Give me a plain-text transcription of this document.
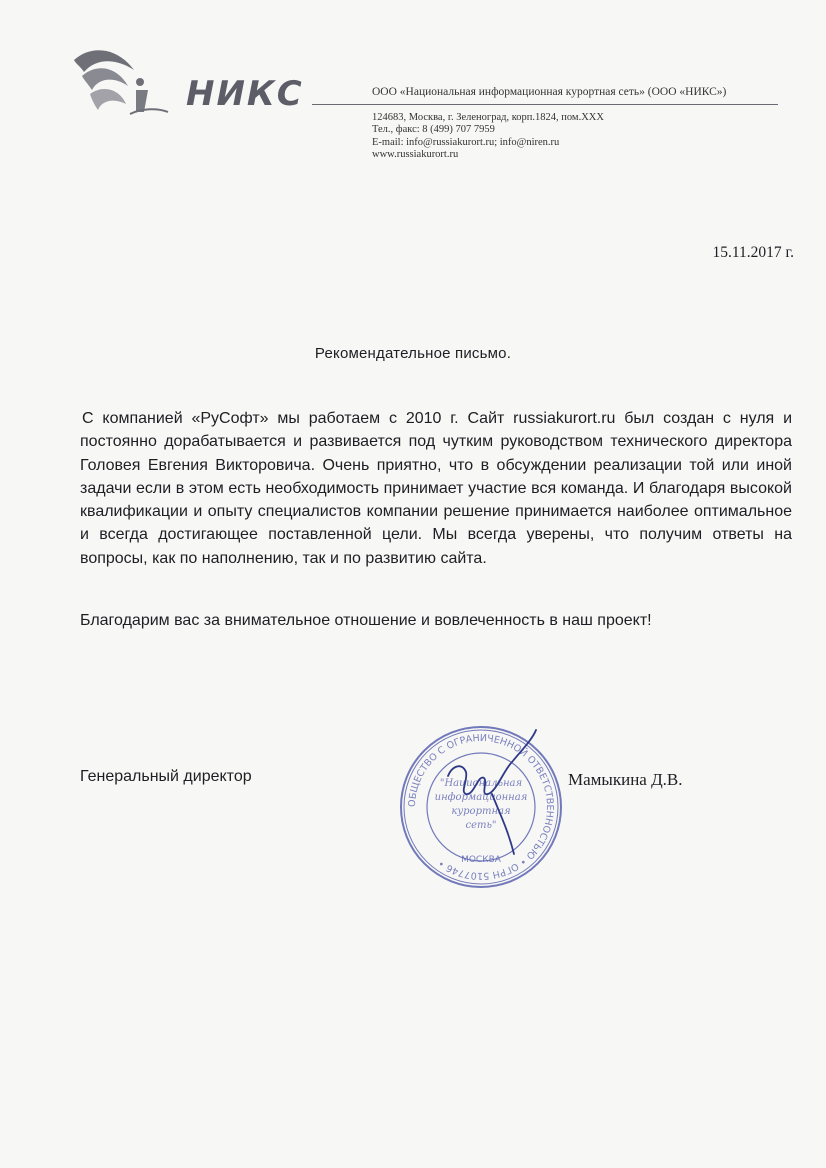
НИКС	ООО «Национальная информационная курортная сеть» (ООО «НИКС»)
124683, Москва, г. Зеленоград, корп.1824, пом.XXX
Тел., факс: 8 (499) 707 7959
E-mail: info@russiakurort.ru; info@niren.ru
www.russiakurort.ru
15.11.2017 г.
Рекомендательное письмо.
С компанией «РуСофт» мы работаем с 2010 г. Сайт russiakurort.ru был создан с нуля и постоянно дорабатывается и развивается под чутким руководством технического директора Головея Евгения Викторовича. Очень приятно, что в обсуждении реализации той или иной задачи если в этом есть необходимость принимает участие вся команда. И благодаря высокой квалификации и опыту специалистов компании решение принимается наиболее оптимальное и всегда достигающее поставленной цели. Мы всегда уверены, что получим ответы на вопросы, как по наполнению, так и по развитию сайта.
Благодарим вас за внимательное отношение и вовлеченность в наш проект!
Генеральный директор	Мамыкина Д.В.
ОБЩЕСТВО С ОГРАНИЧЕННОЙ ОТВЕТСТВЕННОСТЬЮ • ОГРН 5107746 •	МОСКВА
"Национальная
информационная
курортная
сеть"
